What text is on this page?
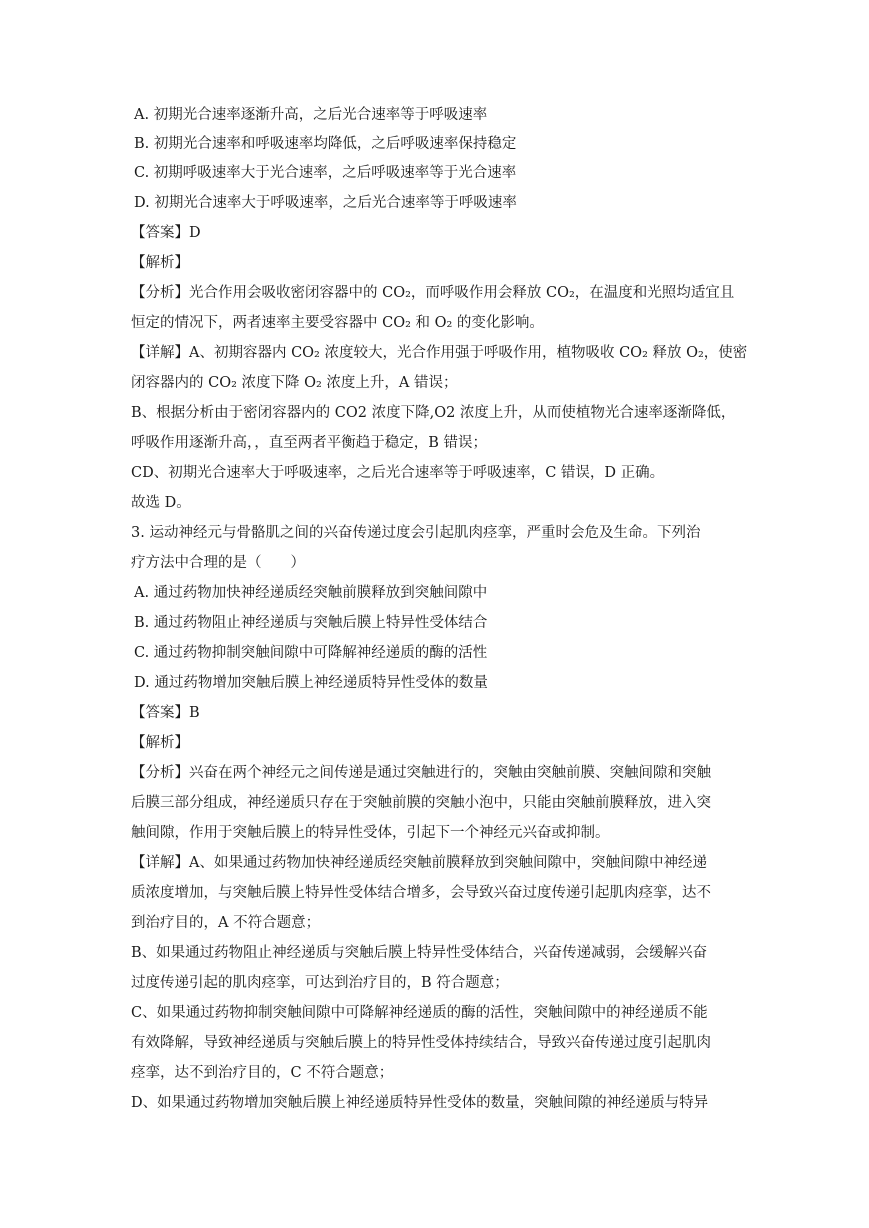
A. 初期光合速率逐渐升高，之后光合速率等于呼吸速率
B. 初期光合速率和呼吸速率均降低，之后呼吸速率保持稳定
C. 初期呼吸速率大于光合速率，之后呼吸速率等于光合速率
D. 初期光合速率大于呼吸速率，之后光合速率等于呼吸速率
【答案】D
【解析】
【分析】光合作用会吸收密闭容器中的 CO₂，而呼吸作用会释放 CO₂，在温度和光照均适宜且
恒定的情况下，两者速率主要受容器中 CO₂ 和 O₂ 的变化影响。
【详解】A、初期容器内 CO₂ 浓度较大，光合作用强于呼吸作用，植物吸收 CO₂ 释放 O₂，使密
闭容器内的 CO₂ 浓度下降 O₂ 浓度上升，A 错误；
B、根据分析由于密闭容器内的 CO2 浓度下降,O2 浓度上升，从而使植物光合速率逐渐降低，
呼吸作用逐渐升高，，直至两者平衡趋于稳定，B 错误；
CD、初期光合速率大于呼吸速率，之后光合速率等于呼吸速率，C 错误，D 正确。
故选 D。
3. 运动神经元与骨骼肌之间的兴奋传递过度会引起肌肉痉挛，严重时会危及生命。下列治
疗方法中合理的是（　　）
A. 通过药物加快神经递质经突触前膜释放到突触间隙中
B. 通过药物阻止神经递质与突触后膜上特异性受体结合
C. 通过药物抑制突触间隙中可降解神经递质的酶的活性
D. 通过药物增加突触后膜上神经递质特异性受体的数量
【答案】B
【解析】
【分析】兴奋在两个神经元之间传递是通过突触进行的，突触由突触前膜、突触间隙和突触
后膜三部分组成，神经递质只存在于突触前膜的突触小泡中，只能由突触前膜释放，进入突
触间隙，作用于突触后膜上的特异性受体，引起下一个神经元兴奋或抑制。
【详解】A、如果通过药物加快神经递质经突触前膜释放到突触间隙中，突触间隙中神经递
质浓度增加，与突触后膜上特异性受体结合增多，会导致兴奋过度传递引起肌肉痉挛，达不
到治疗目的，A 不符合题意；
B、如果通过药物阻止神经递质与突触后膜上特异性受体结合，兴奋传递减弱，会缓解兴奋
过度传递引起的肌肉痉挛，可达到治疗目的，B 符合题意；
C、如果通过药物抑制突触间隙中可降解神经递质的酶的活性，突触间隙中的神经递质不能
有效降解，导致神经递质与突触后膜上的特异性受体持续结合，导致兴奋传递过度引起肌肉
痉挛，达不到治疗目的，C 不符合题意；
D、如果通过药物增加突触后膜上神经递质特异性受体的数量，突触间隙的神经递质与特异
